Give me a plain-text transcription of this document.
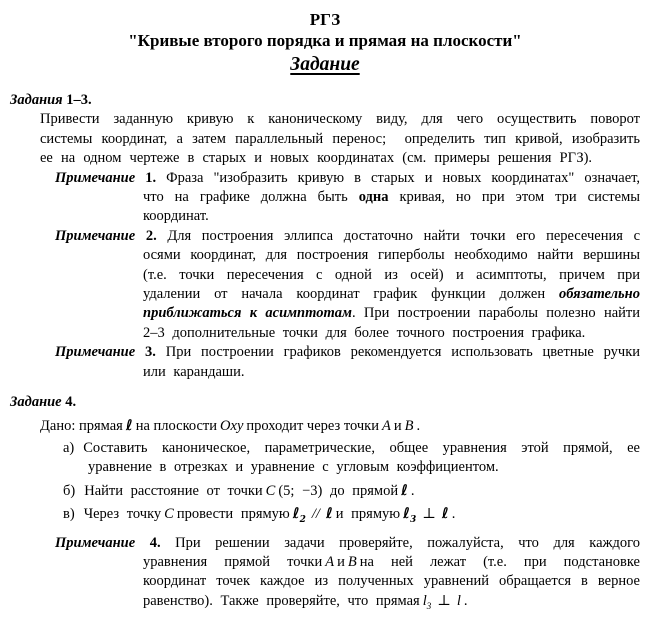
РГЗ
"Кривые второго порядка и прямая на плоскости"
Задание

Задания 1–3.

Привести заданную кривую к каноническому виду, для чего осуществить поворот системы координат, а затем параллельный перенос;  определить тип кривой, изобразить ее на одном чертеже в старых и новых координатах (см. примеры решения РГЗ).

Примечание 1. Фраза "изобразить кривую в старых и новых координатах" означает, что на графике должна быть одна кривая, но при этом три системы координат.

Примечание 2. Для построения эллипса достаточно найти точки его пересечения с осями координат, для построения гиперболы необходимо найти вершины (т.е. точки пересечения с одной из осей) и асимптоты, причем при удалении от начала координат график функции должен обязательно приближаться к асимптотам. При построении параболы полезно найти 2–3 дополнительные точки для более точного построения графика.

Примечание 3. При построении графиков рекомендуется использовать цветные ручки или карандаши.

Задание 4.

Дано: прямая ℓ на плоскости Oxy проходит через точки A и B .

а) Составить каноническое, параметрические, общее уравнения этой прямой, ее уравнение в отрезках и уравнение с угловым коэффициентом.

б) Найти расстояние от точки C (5; −3) до прямой ℓ .

в) Через точку C провести прямую ℓ$_2$ // ℓ и прямую ℓ$_3$ ⊥ ℓ .

Примечание 4. При решении задачи проверяйте, пожалуйста, что для каждого уравнения прямой точки A и B на ней лежат (т.е. при подстановке координат точек каждое из полученных уравнений обращается в верное равенство). Также проверяйте, что прямая $l_3$ ⊥ l .
